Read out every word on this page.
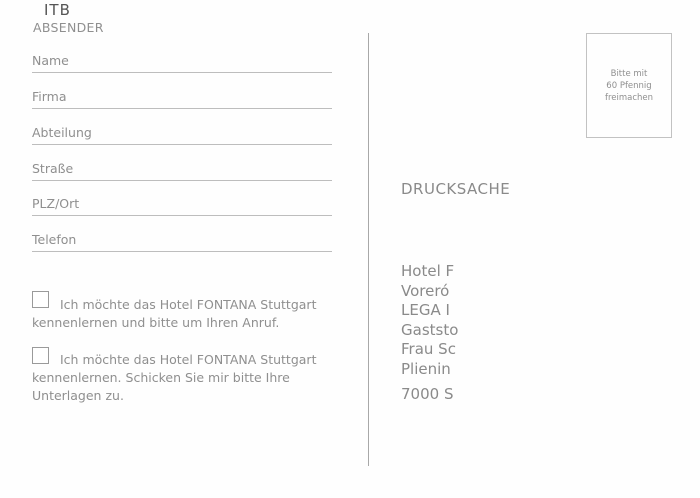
ITB
ABSENDER
Name
Firma
Abteilung
Straße
PLZ/Ort
Telefon
Ich möchte das Hotel FONTANA Stuttgart kennenlernen und bitte um Ihren Anruf.
Ich möchte das Hotel FONTANA Stuttgart kennenlernen. Schicken Sie mir bitte Ihre Unterlagen zu.
Bitte mit
60 Pfennig
freimachen
DRUCKSACHE
Hotel F
Voreró
LEGA I
Gaststo
Frau Sc
Plienin
7000 S
